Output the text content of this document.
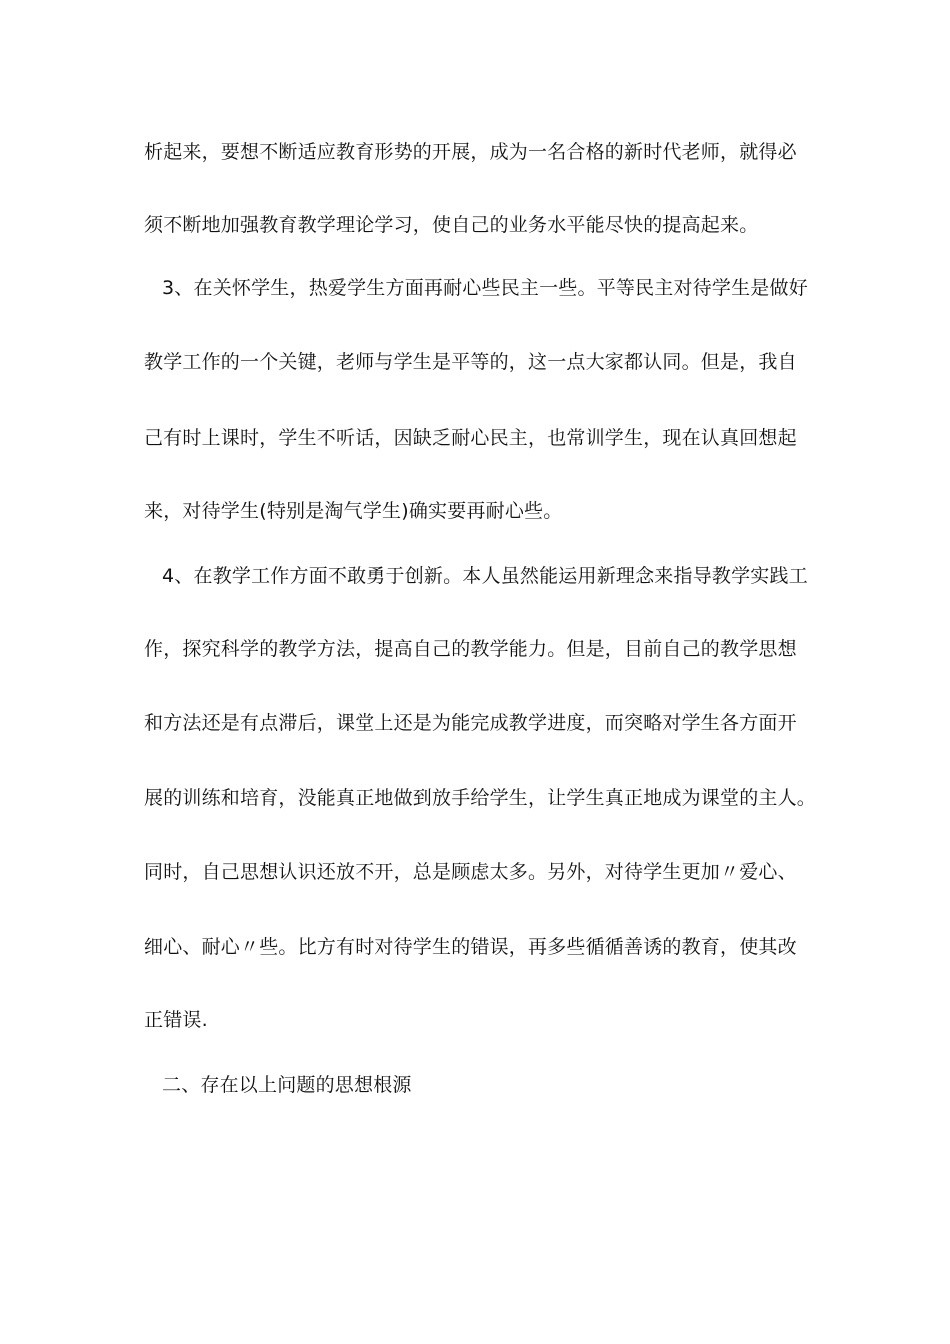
析起来，要想不断适应教育形势的开展，成为一名合格的新时代老师，就得必
须不断地加强教育教学理论学习，使自己的业务水平能尽快的提高起来。
3、在关怀学生，热爱学生方面再耐心些民主一些。平等民主对待学生是做好
教学工作的一个关键，老师与学生是平等的，这一点大家都认同。但是，我自
己有时上课时，学生不听话，因缺乏耐心民主，也常训学生，现在认真回想起
来，对待学生(特别是淘气学生)确实要再耐心些。
4、在教学工作方面不敢勇于创新。本人虽然能运用新理念来指导教学实践工
作，探究科学的教学方法，提高自己的教学能力。但是，目前自己的教学思想
和方法还是有点滞后，课堂上还是为能完成教学进度，而突略对学生各方面开
展的训练和培育，没能真正地做到放手给学生，让学生真正地成为课堂的主人。
同时，自己思想认识还放不开，总是顾虑太多。另外，对待学生更加〃爱心、
细心、耐心〃些。比方有时对待学生的错误，再多些循循善诱的教育，使其改
正错误.
二、存在以上问题的思想根源
